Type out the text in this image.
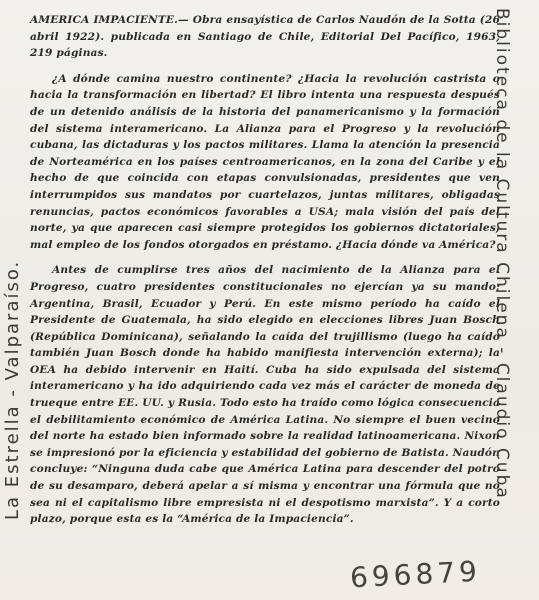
AMERICA IMPACIENTE.— Obra ensayística de Carlos Naudón de la Sotta (26 abril 1922). publicada en Santiago de Chile, Editorial Del Pacífico, 1963, 219 páginas.

¿A dónde camina nuestro continente? ¿Hacia la revolución castrista o hacia la transformación en libertad? El libro intenta una respuesta después de un detenido análisis de la historia del panamericanismo y la formación del sistema interamericano. La Alianza para el Progreso y la revolución cubana, las dictaduras y los pactos militares. Llama la atención la presencia de Norteamérica en los países centroamericanos, en la zona del Caribe y el hecho de que coincida con etapas convulsionadas, presidentes que ven interrumpidos sus mandatos por cuartelazos, juntas militares, obligadas renuncias, pactos económicos favorables a USA; mala visión del país del norte, ya que aparecen casi siempre protegidos los gobiernos dictatoriales; mal empleo de los fondos otorgados en préstamo. ¿Hacia dónde va América?

Antes de cumplirse tres años del nacimiento de la Alianza para el Progreso, cuatro presidentes constitucionales no ejercían ya su mando; Argentina, Brasil, Ecuador y Perú. En este mismo período ha caído el Presidente de Guatemala, ha sido elegido en elecciones libres Juan Bosch (República Dominicana), señalando la caída del trujillismo (luego ha caído también Juan Bosch donde ha habido manifiesta intervención externa); la OEA ha debido intervenir en Haití. Cuba ha sido expulsada del sistema interamericano y ha ido adquiriendo cada vez más el carácter de moneda de trueque entre EE. UU. y Rusia. Todo esto ha traído como lógica consecuencia el debilitamiento económico de América Latina. No siempre el buen vecino del norte ha estado bien informado sobre la realidad latinoamericana. Nixon se impresionó por la eficiencia y estabilidad del gobierno de Batista. Naudón concluye: “Ninguna duda cabe que América Latina para descender del potro de su desamparo, deberá apelar a sí misma y encontrar una fórmula que no sea ni el capitalismo libre empresista ni el despotismo marxista”. Y a corto plazo, porque esta es la “América de la Impaciencia”.

La Estrella - Valparaíso.	Biblioteca de la Cultura Chilena - Claudio Cuba
696879
